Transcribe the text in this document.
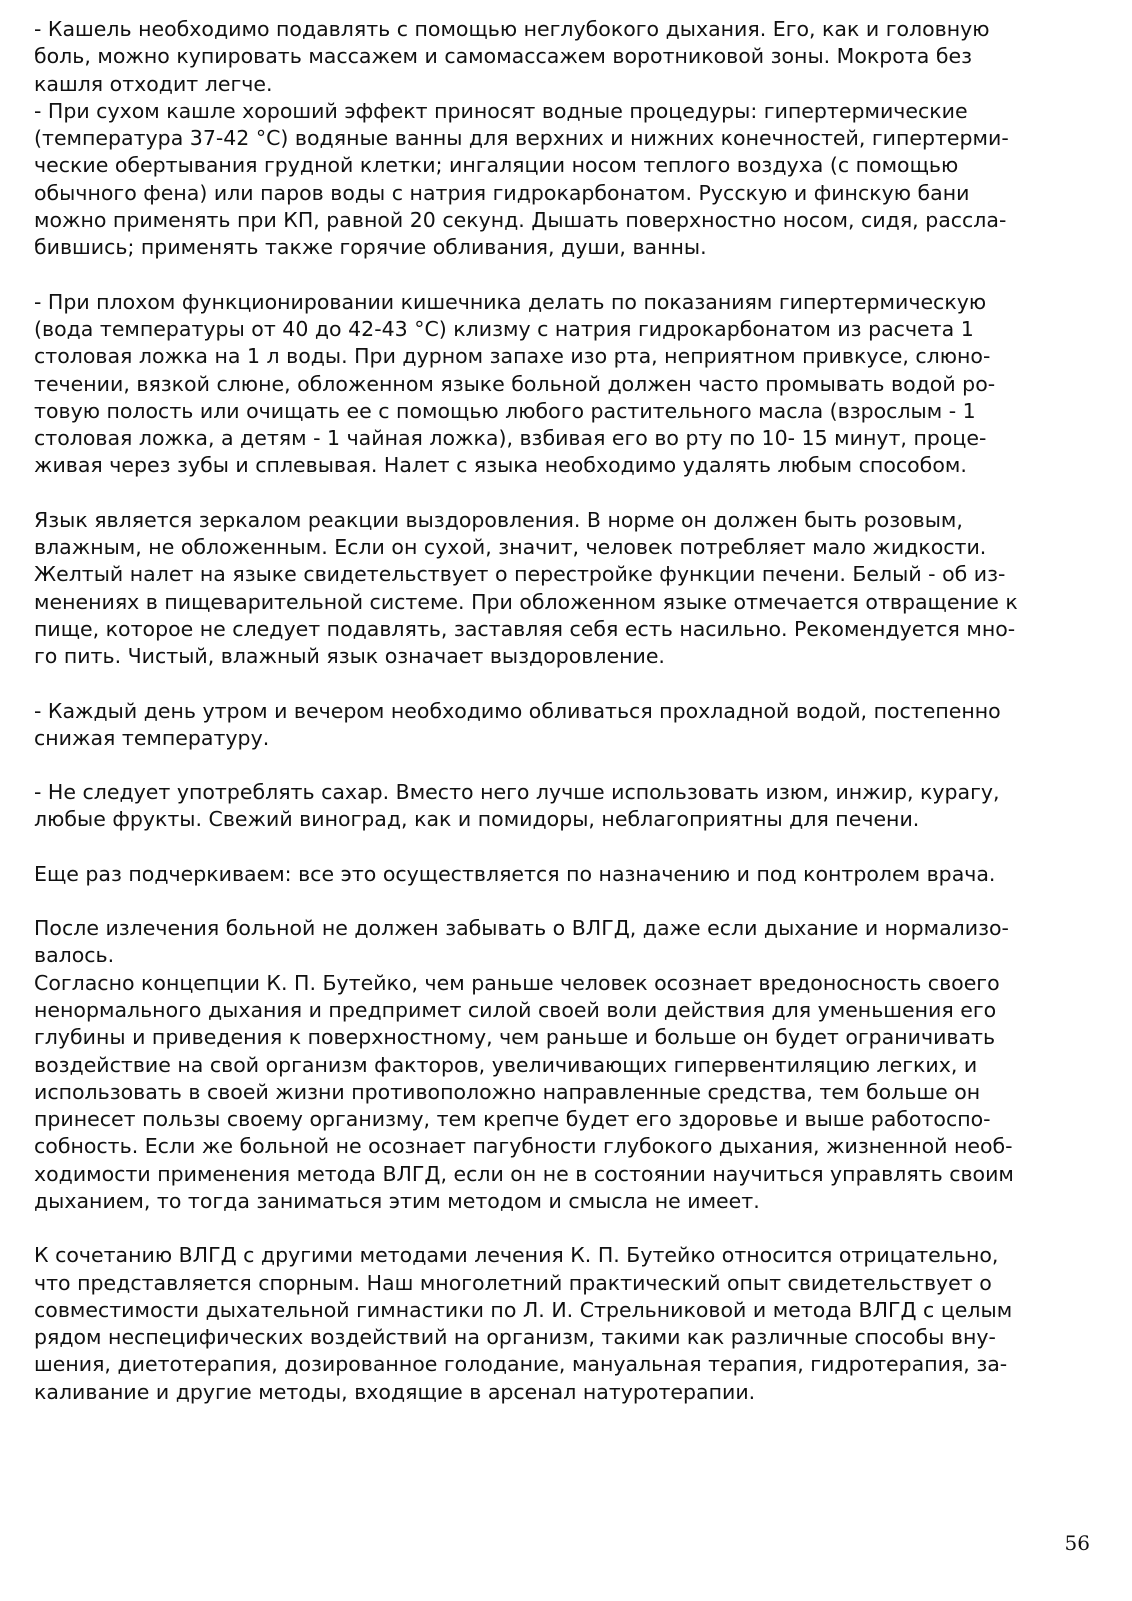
- Кашель необходимо подавлять с помощью неглубокого дыхания. Его, как и головную
боль, можно купировать массажем и самомассажем воротниковой зоны. Мокрота без
кашля отходит легче.
- При сухом кашле хороший эффект приносят водные процедуры: гипертермические
(температура 37-42 °С) водяные ванны для верхних и нижних конечностей, гипертерми-
ческие обертывания грудной клетки; ингаляции носом теплого воздуха (с помощью
обычного фена) или паров воды с натрия гидрокарбонатом. Русскую и финскую бани
можно применять при КП, равной 20 секунд. Дышать поверхностно носом, сидя, рассла-
бившись; применять также горячие обливания, души, ванны.

- При плохом функционировании кишечника делать по показаниям гипертермическую
(вода температуры от 40 до 42-43 °С) клизму с натрия гидрокарбонатом из расчета 1
столовая ложка на 1 л воды. При дурном запахе изо рта, неприятном привкусе, слюно-
течении, вязкой слюне, обложенном языке больной должен часто промывать водой ро-
товую полость или очищать ее с помощью любого растительного масла (взрослым - 1
столовая ложка, а детям - 1 чайная ложка), взбивая его во рту по 10- 15 минут, проце-
живая через зубы и сплевывая. Налет с языка необходимо удалять любым способом.

Язык является зеркалом реакции выздоровления. В норме он должен быть розовым,
влажным, не обложенным. Если он сухой, значит, человек потребляет мало жидкости.
Желтый налет на языке свидетельствует о перестройке функции печени. Белый - об из-
менениях в пищеварительной системе. При обложенном языке отмечается отвращение к
пище, которое не следует подавлять, заставляя себя есть насильно. Рекомендуется мно-
го пить. Чистый, влажный язык означает выздоровление.

- Каждый день утром и вечером необходимо обливаться прохладной водой, постепенно
снижая температуру.

- Не следует употреблять сахар. Вместо него лучше использовать изюм, инжир, курагу,
любые фрукты. Свежий виноград, как и помидоры, неблагоприятны для печени.

Еще раз подчеркиваем: все это осуществляется по назначению и под контролем врача.

После излечения больной не должен забывать о ВЛГД, даже если дыхание и нормализо-
валось.
Согласно концепции К. П. Бутейко, чем раньше человек осознает вредоносность своего
ненормального дыхания и предпримет силой своей воли действия для уменьшения его
глубины и приведения к поверхностному, чем раньше и больше он будет ограничивать
воздействие на свой организм факторов, увеличивающих гипервентиляцию легких, и
использовать в своей жизни противоположно направленные средства, тем больше он
принесет пользы своему организму, тем крепче будет его здоровье и выше работоспо-
собность. Если же больной не осознает пагубности глубокого дыхания, жизненной необ-
ходимости применения метода ВЛГД, если он не в состоянии научиться управлять своим
дыханием, то тогда заниматься этим методом и смысла не имеет.

К сочетанию ВЛГД с другими методами лечения К. П. Бутейко относится отрицательно,
что представляется спорным. Наш многолетний практический опыт свидетельствует о
совместимости дыхательной гимнастики по Л. И. Стрельниковой и метода ВЛГД с целым
рядом неспецифических воздействий на организм, такими как различные способы вну-
шения, диетотерапия, дозированное голодание, мануальная терапия, гидротерапия, за-
каливание и другие методы, входящие в арсенал натуротерапии.

56
